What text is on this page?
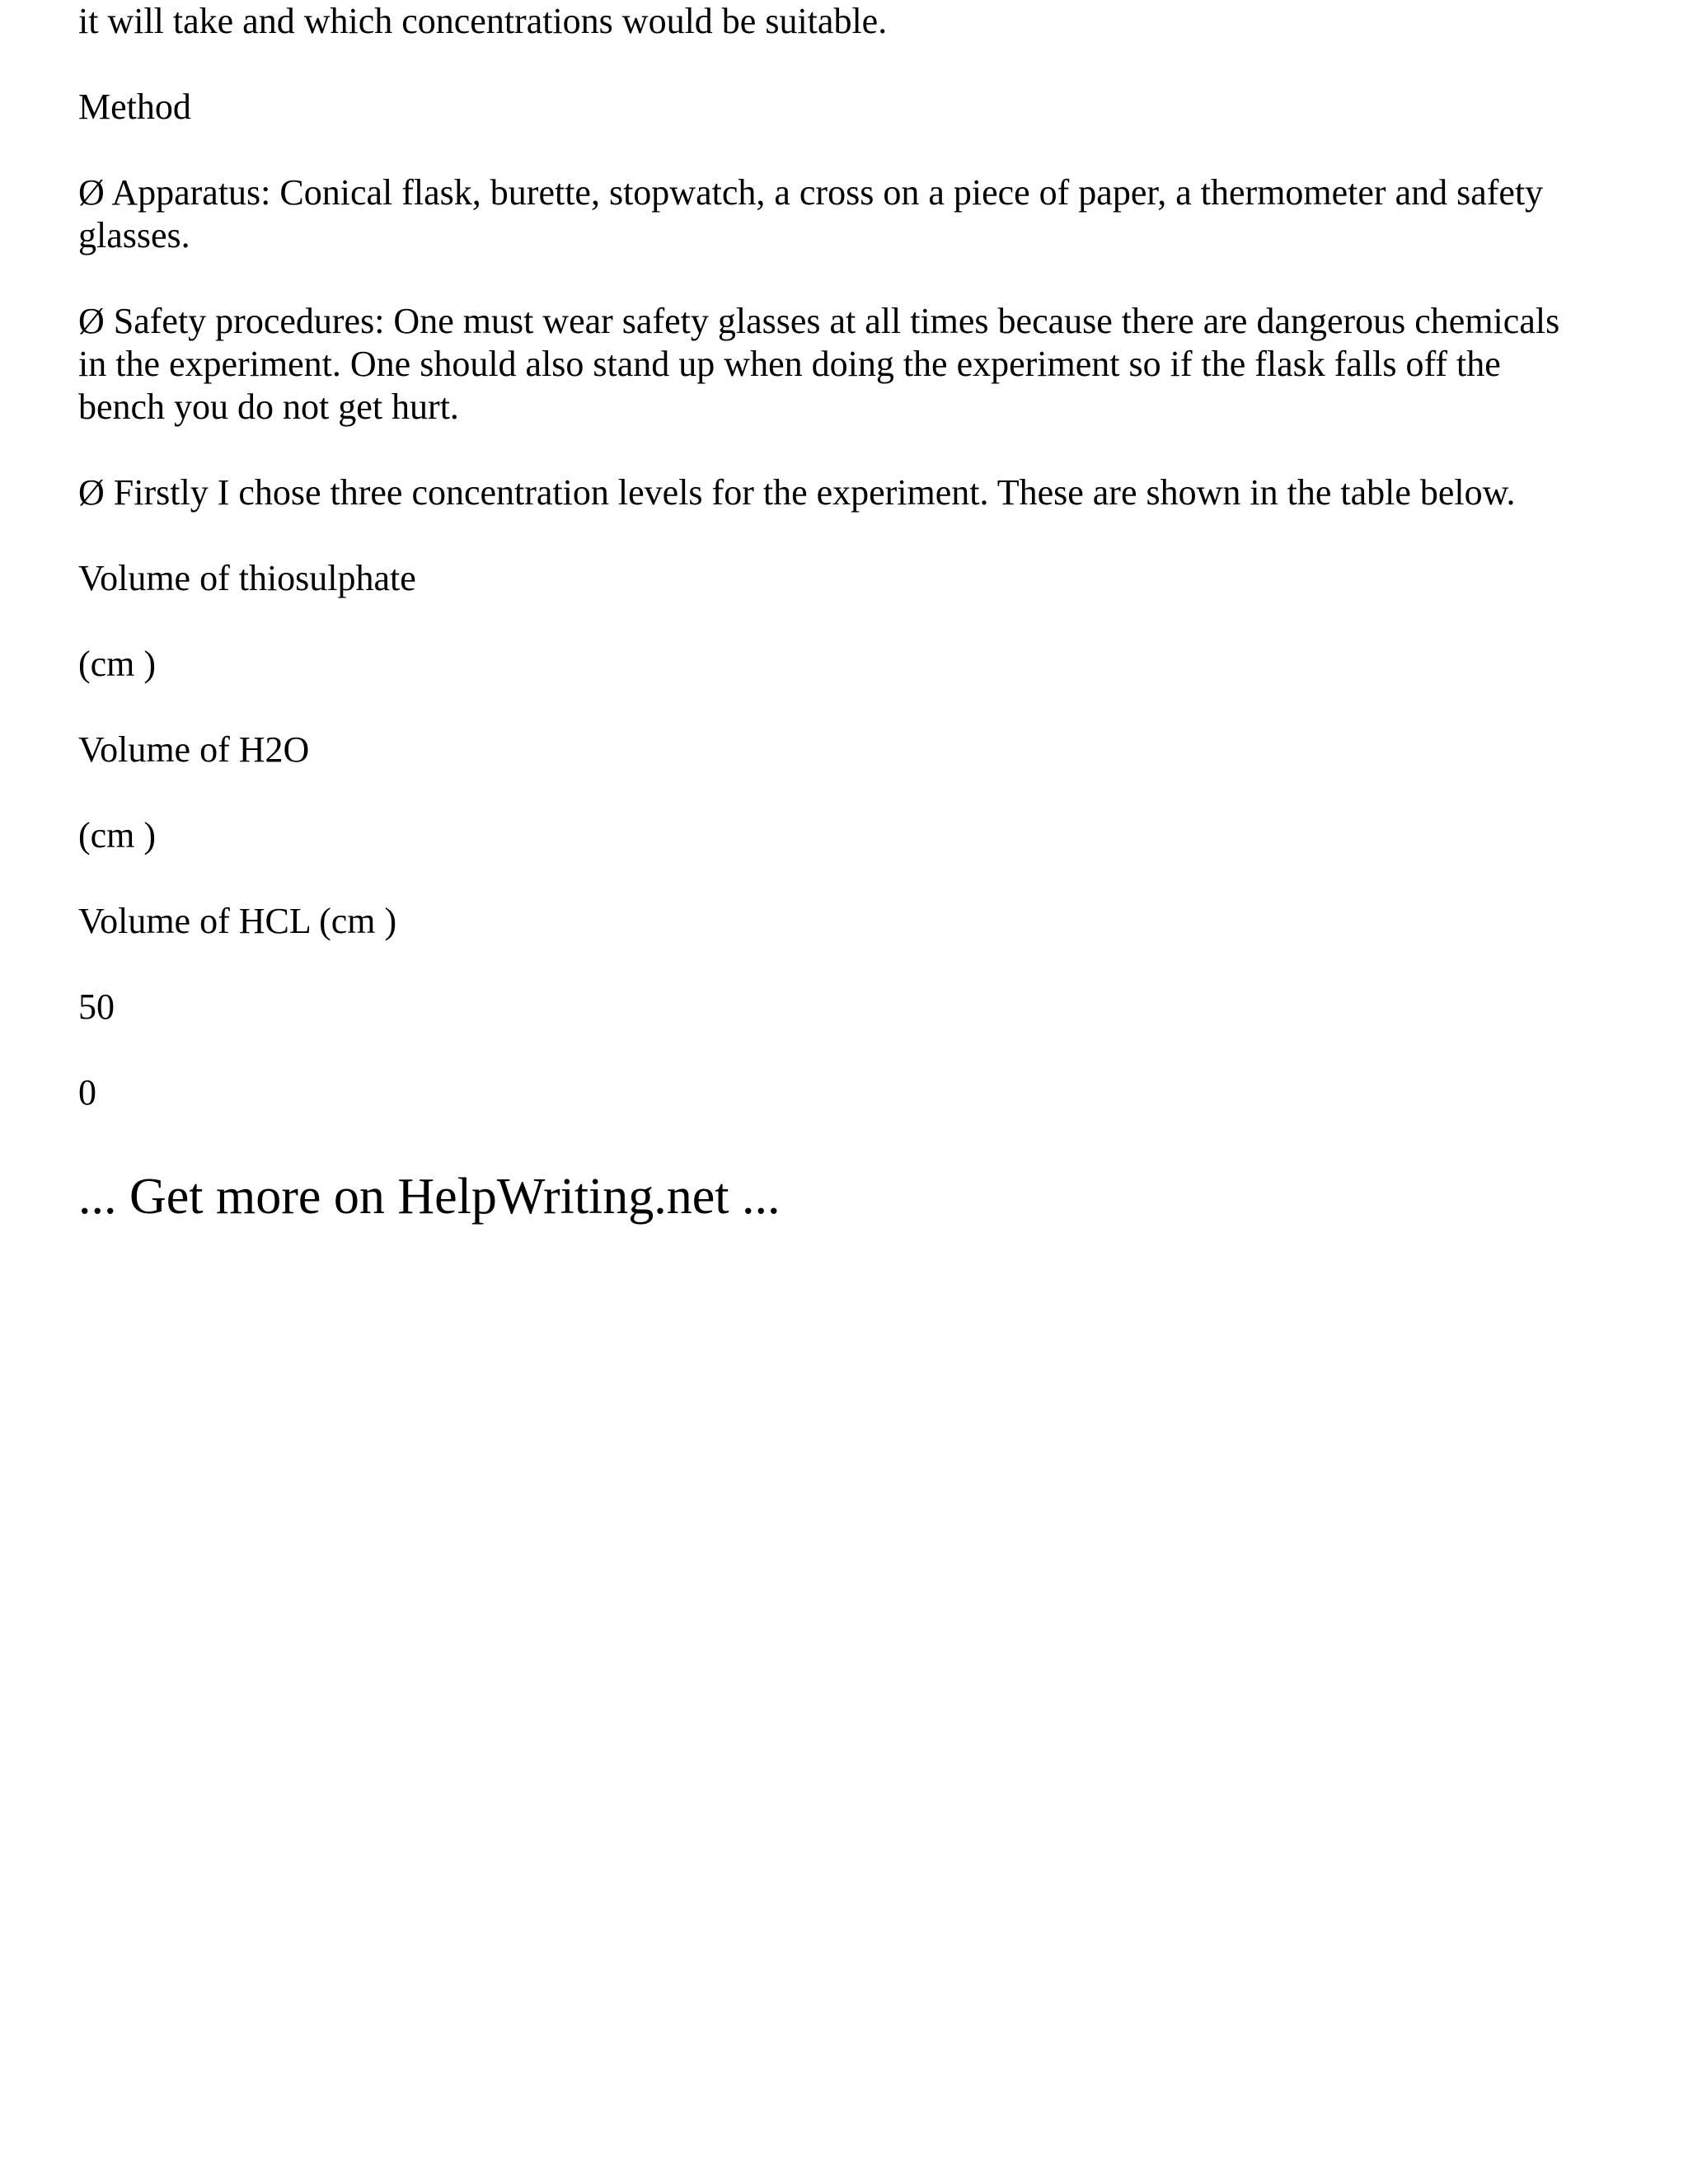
it will take and which concentrations would be suitable.

Method

Ø Apparatus: Conical flask, burette, stopwatch, a cross on a piece of paper, a thermometer and safety

glasses.

Ø Safety procedures: One must wear safety glasses at all times because there are dangerous chemicals

in the experiment. One should also stand up when doing the experiment so if the flask falls off the

bench you do not get hurt.

Ø Firstly I chose three concentration levels for the experiment. These are shown in the table below.

Volume of thiosulphate

(cm )

Volume of H2O

(cm )

Volume of HCL (cm )

50

0

... Get more on HelpWriting.net ...
